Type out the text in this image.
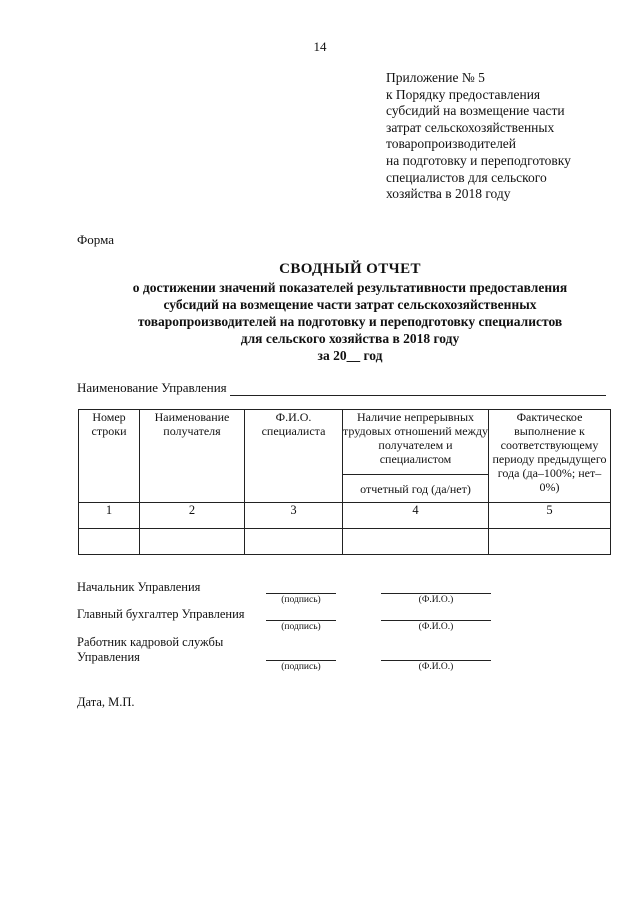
14
Приложение № 5
к Порядку предоставления
субсидий на возмещение части
затрат сельскохозяйственных
товаропроизводителей
на подготовку и переподготовку
специалистов для сельского
хозяйства в 2018 году
Форма
СВОДНЫЙ ОТЧЕТ
о достижении значений показателей результативности предоставления
субсидий на возмещение части затрат сельскохозяйственных
товаропроизводителей на подготовку и переподготовку специалистов
для сельского хозяйства в 2018 году
за 20__ год
Наименование Управления
Номер строки	Наименование получателя	Ф.И.О. специалиста	Наличие непрерывных трудовых отношений между получателем и специалистом	Фактическое выполнение к соответствующему периоду предыдущего года (да–100%; нет–0%)
			отчетный год (да/нет)	
1	2	3	4	5

Начальник Управления
(подпись)	(Ф.И.О.)
Главный бухгалтер Управления
(подпись)	(Ф.И.О.)
Работник кадровой службы
Управления
(подпись)	(Ф.И.О.)
Дата, М.П.
